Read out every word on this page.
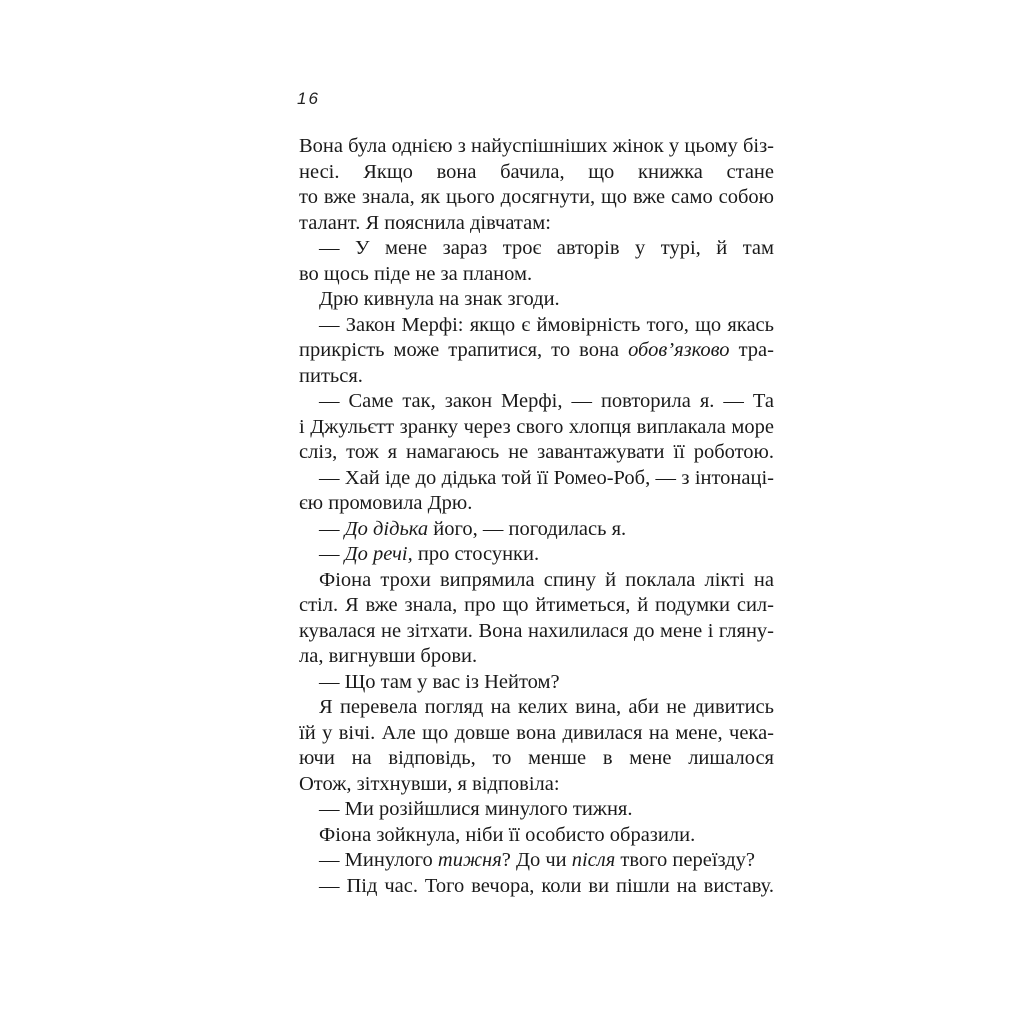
16
Вона була однією з найуспішніших жінок у цьому біз-
несі. Якщо вона бачила, що книжка стане
то вже знала, як цього досягнути, що вже само собою
талант. Я пояснила дівчатам:
— У мене зараз троє авторів у турі, й там
во щось піде не за планом.
Дрю кивнула на знак згоди.
— Закон Мерфі: якщо є ймовірність того, що якась
прикрість може трапитися, то вона обов’язково тра-
питься.
— Саме так, закон Мерфі, — повторила я. — Та
і Джульєтт зранку через свого хлопця виплакала море
сліз, тож я намагаюсь не завантажувати її роботою.
— Хай іде до дідька той її Ромео-Роб, — з інтонаці-
єю промовила Дрю.
— До дідька його, — погодилась я.
— До речі, про стосунки.
Фіона трохи випрямила спину й поклала лікті на
стіл. Я вже знала, про що йтиметься, й подумки сил-
кувалася не зітхати. Вона нахилилася до мене і гляну-
ла, вигнувши брови.
— Що там у вас із Нейтом?
Я перевела погляд на келих вина, аби не дивитись
їй у вічі. Але що довше вона дивилася на мене, чека-
ючи на відповідь, то менше в мене лишалося
Отож, зітхнувши, я відповіла:
— Ми розійшлися минулого тижня.
Фіона зойкнула, ніби її особисто образили.
— Минулого тижня? До чи після твого переїзду?
— Під час. Того вечора, коли ви пішли на виставу.
